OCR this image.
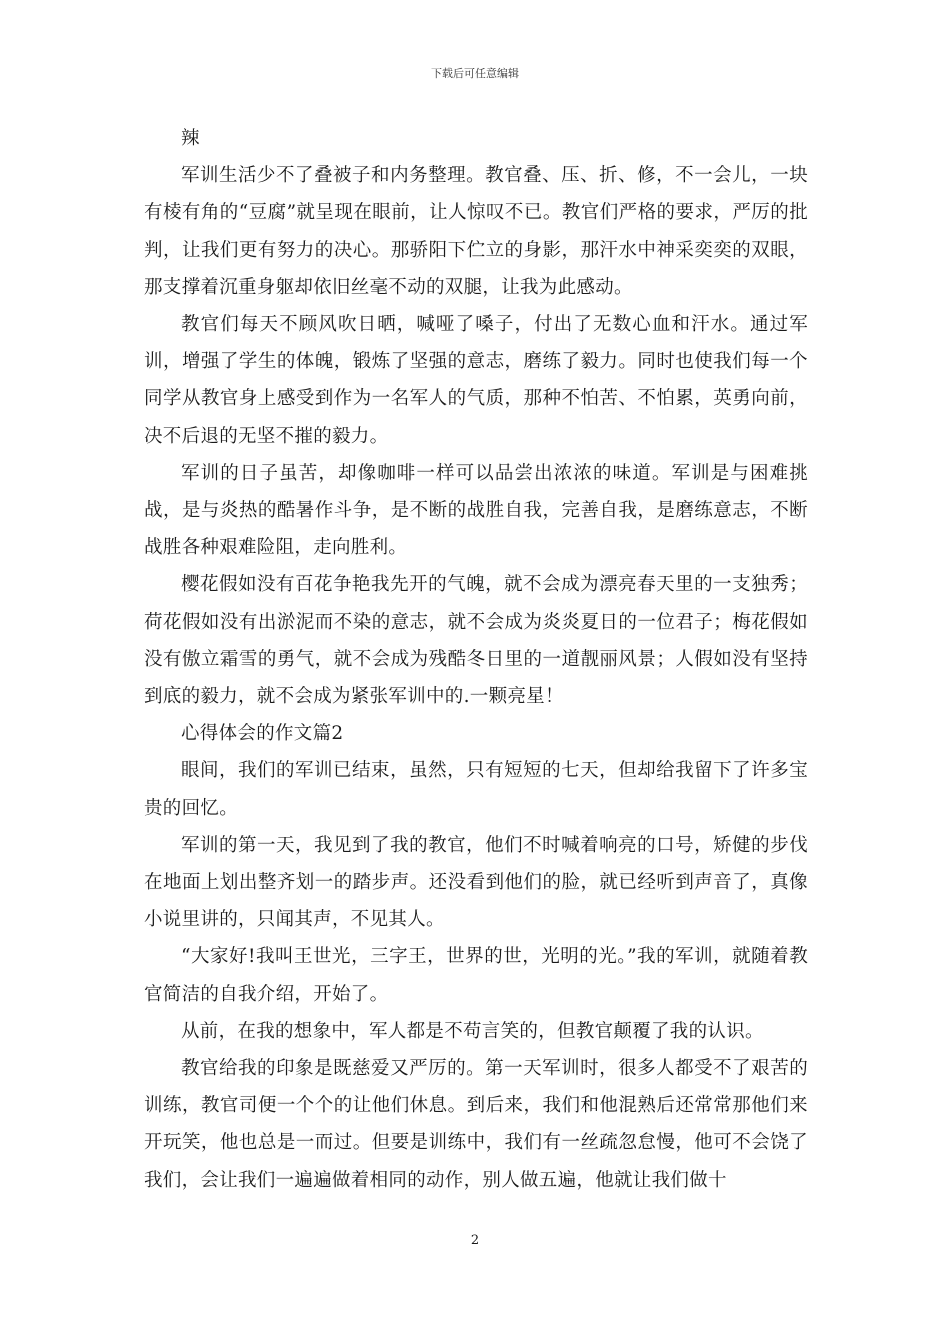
下载后可任意编辑

辣

军训生活少不了叠被子和内务整理。教官叠、压、折、修，不一会儿，一块有棱有角的“豆腐”就呈现在眼前，让人惊叹不已。教官们严格的要求，严厉的批判，让我们更有努力的决心。那骄阳下伫立的身影，那汗水中神采奕奕的双眼，那支撑着沉重身躯却依旧丝毫不动的双腿，让我为此感动。

教官们每天不顾风吹日晒，喊哑了嗓子，付出了无数心血和汗水。通过军训，增强了学生的体魄，锻炼了坚强的意志，磨练了毅力。同时也使我们每一个同学从教官身上感受到作为一名军人的气质，那种不怕苦、不怕累，英勇向前，决不后退的无坚不摧的毅力。

军训的日子虽苦，却像咖啡一样可以品尝出浓浓的味道。军训是与困难挑战，是与炎热的酷暑作斗争，是不断的战胜自我，完善自我，是磨练意志，不断战胜各种艰难险阻，走向胜利。

樱花假如没有百花争艳我先开的气魄，就不会成为漂亮春天里的一支独秀；荷花假如没有出淤泥而不染的意志，就不会成为炎炎夏日的一位君子；梅花假如没有傲立霜雪的勇气，就不会成为残酷冬日里的一道靓丽风景；人假如没有坚持到底的毅力，就不会成为紧张军训中的.一颗亮星！

心得体会的作文篇2

眼间，我们的军训已结束，虽然，只有短短的七天，但却给我留下了许多宝贵的回忆。

军训的第一天，我见到了我的教官，他们不时喊着响亮的口号，矫健的步伐在地面上划出整齐划一的踏步声。还没看到他们的脸，就已经听到声音了，真像小说里讲的，只闻其声，不见其人。

“大家好!我叫王世光，三字王，世界的世，光明的光。”我的军训，就随着教官简洁的自我介绍，开始了。

从前，在我的想象中，军人都是不苟言笑的，但教官颠覆了我的认识。

教官给我的印象是既慈爱又严厉的。第一天军训时，很多人都受不了艰苦的训练，教官司便一个个的让他们休息。到后来，我们和他混熟后还常常那他们来开玩笑，他也总是一而过。但要是训练中，我们有一丝疏忽怠慢，他可不会饶了我们，会让我们一遍遍做着相同的动作，别人做五遍，他就让我们做十

2
